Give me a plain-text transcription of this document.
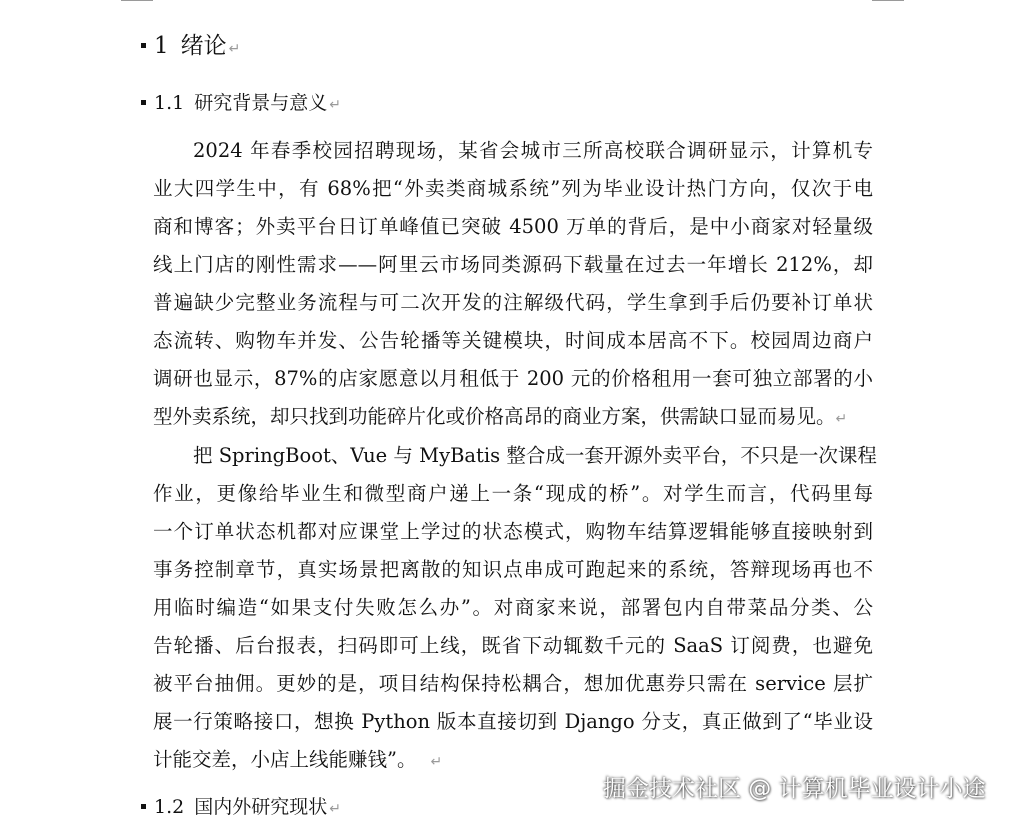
1 绪论 ↵
1.1 研究背景与意义 ↵
2024 年春季校园招聘现场，某省会城市三所高校联合调研显示，计算机专
业大四学生中，有 68%把“外卖类商城系统”列为毕业设计热门方向，仅次于电
商和博客；外卖平台日订单峰值已突破 4500 万单的背后，是中小商家对轻量级
线上门店的刚性需求——阿里云市场同类源码下载量在过去一年增长 212%，却
普遍缺少完整业务流程与可二次开发的注解级代码，学生拿到手后仍要补订单状
态流转、购物车并发、公告轮播等关键模块，时间成本居高不下。校园周边商户
调研也显示，87%的店家愿意以月租低于 200 元的价格租用一套可独立部署的小
型外卖系统，却只找到功能碎片化或价格高昂的商业方案，供需缺口显而易见。↵
把 SpringBoot、Vue 与 MyBatis 整合成一套开源外卖平台，不只是一次课程
作业，更像给毕业生和微型商户递上一条“现成的桥”。对学生而言，代码里每
一个订单状态机都对应课堂上学过的状态模式，购物车结算逻辑能够直接映射到
事务控制章节，真实场景把离散的知识点串成可跑起来的系统，答辩现场再也不
用临时编造“如果支付失败怎么办”。对商家来说，部署包内自带菜品分类、公
告轮播、后台报表，扫码即可上线，既省下动辄数千元的 SaaS 订阅费，也避免
被平台抽佣。更妙的是，项目结构保持松耦合，想加优惠券只需在 service 层扩
展一行策略接口，想换 Python 版本直接切到 Django 分支，真正做到了“毕业设
计能交差，小店上线能赚钱”。 ↵
1.2 国内外研究现状 ↵
掘金技术社区 @ 计算机毕业设计小途
